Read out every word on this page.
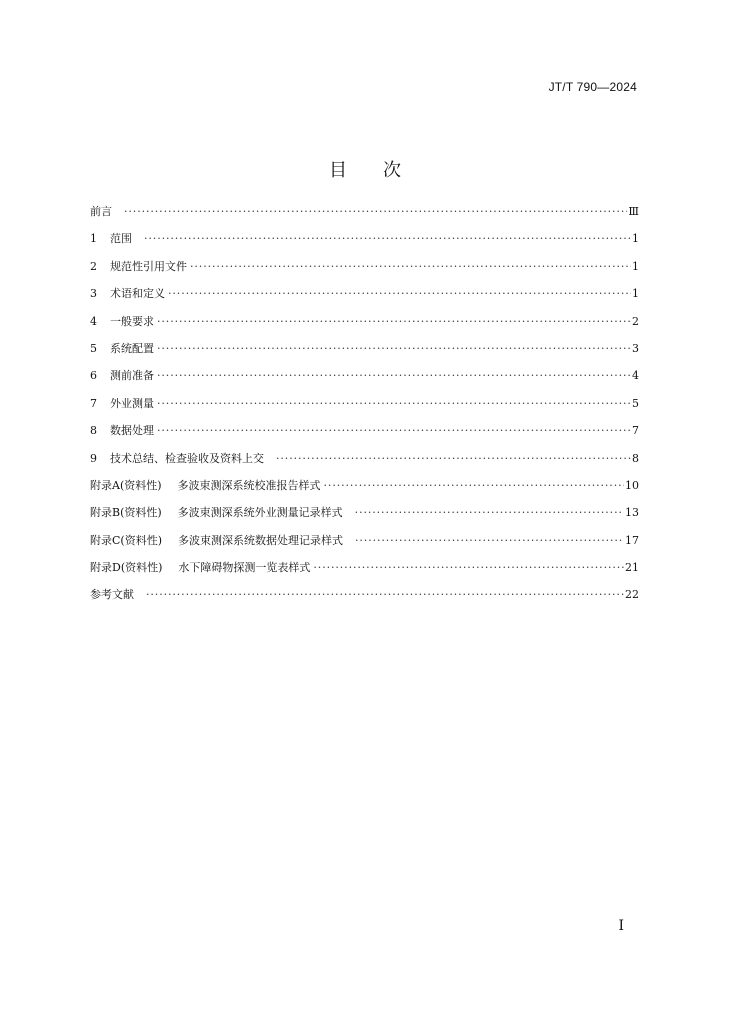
JT/T 790—2024
目 次
前言 ·····	Ⅲ
1	范围 ·····	1
2	规范性引用文件 ·····	1
3	术语和定义 ·····	1
4	一般要求 ·····	2
5	系统配置 ·····	3
6	测前准备 ·····	4
7	外业测量 ·····	5
8	数据处理 ·····	7
9	技术总结、检查验收及资料上交 ·····	8
附录A(资料性) 多波束测深系统校准报告样式 ·····	10
附录B(资料性) 多波束测深系统外业测量记录样式 ·····	13
附录C(资料性) 多波束测深系统数据处理记录样式 ·····	17
附录D(资料性) 水下障碍物探测一览表样式 ·····	21
参考文献 ·····	22
Ⅰ
